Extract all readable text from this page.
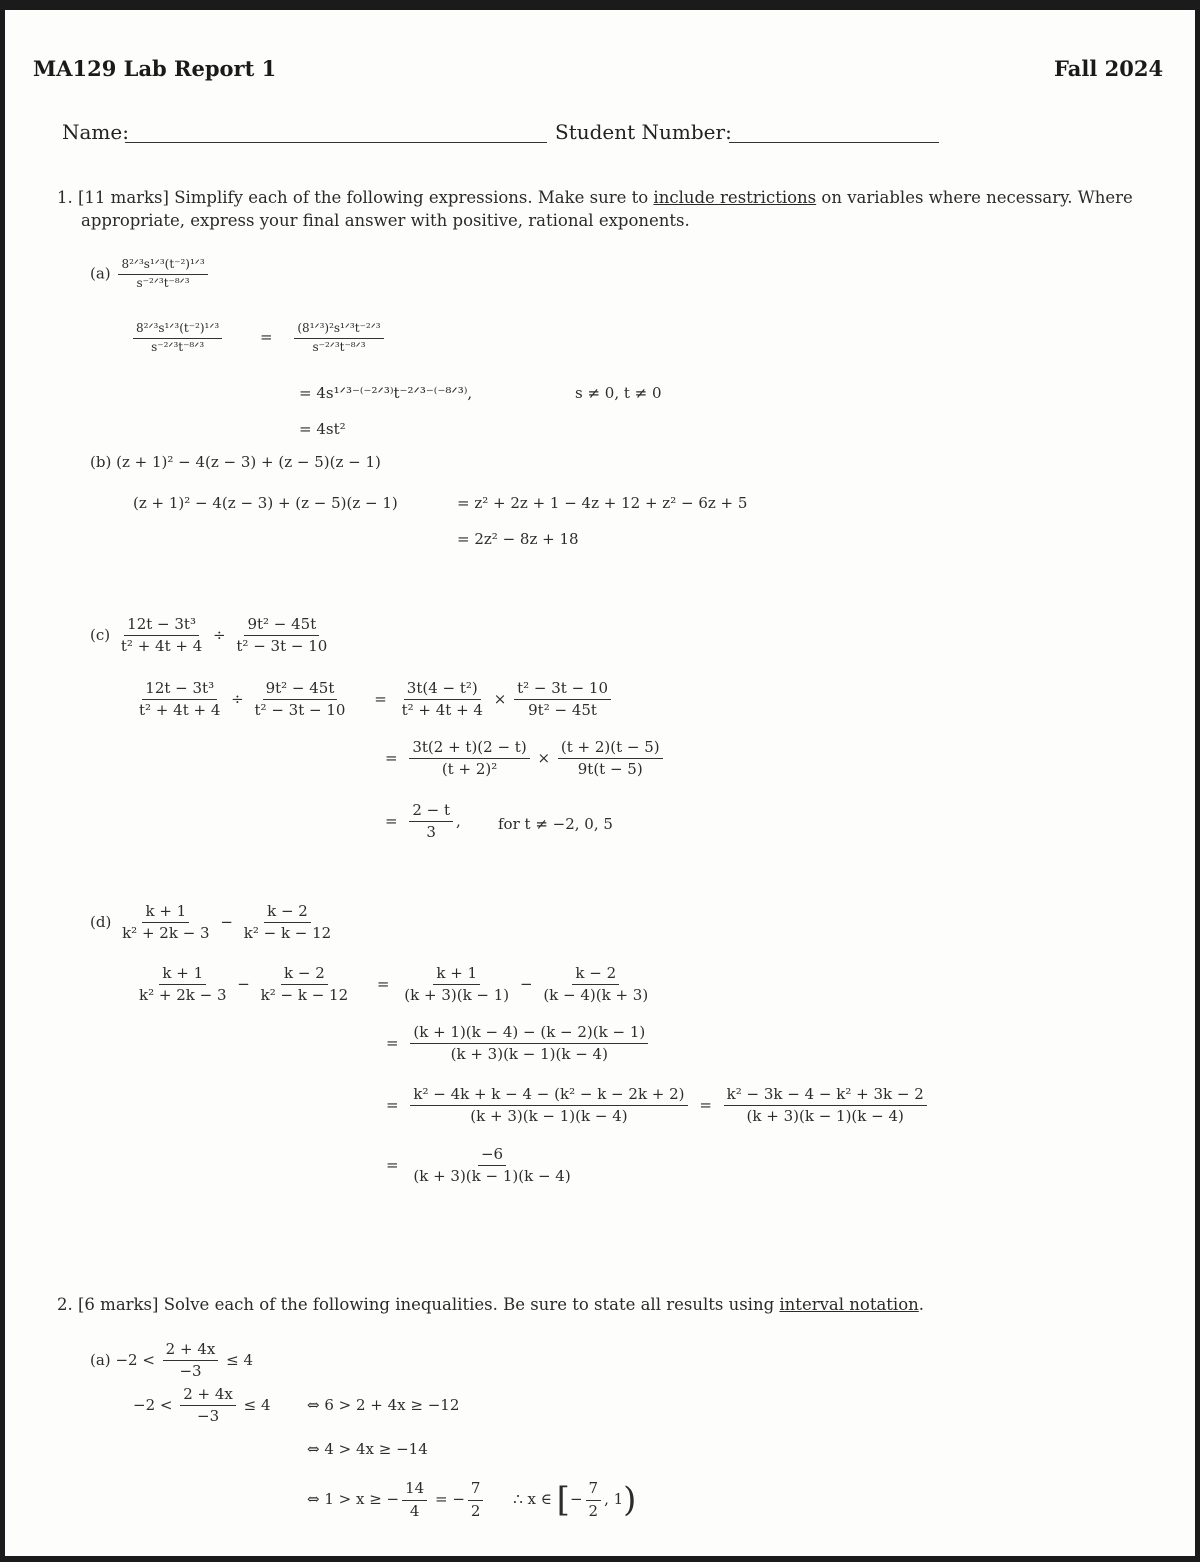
MA129 Lab Report 1	Fall 2024
Name:	Student Number:
1. [11 marks] Simplify each of the following expressions. Make sure to include restrictions on variables where necessary. Where
appropriate, express your final answer with positive, rational exponents.
$(a) \frac{\text{8²ᐟ³s¹ᐟ³(t⁻²)¹ᐟ³}}{\text{s⁻²ᐟ³t⁻⁸ᐟ³}}$
$\frac{\text{8²ᐟ³s¹ᐟ³(t⁻²)¹ᐟ³}}{\text{s⁻²ᐟ³t⁻⁸ᐟ³}}$	= $\frac{\text{(8¹ᐟ³)²s¹ᐟ³t⁻²ᐟ³}}{\text{s⁻²ᐟ³t⁻⁸ᐟ³}}$
= 4s¹ᐟ³⁻⁽⁻²ᐟ³⁾t⁻²ᐟ³⁻⁽⁻⁸ᐟ³⁾,	s ≠ 0, t ≠ 0
= 4st²
(b) (z + 1)² − 4(z − 3) + (z − 5)(z − 1)
(z + 1)² − 4(z − 3) + (z − 5)(z − 1)	= z² + 2z + 1 − 4z + 12 + z² − 6z + 5
= 2z² − 8z + 18
$(c) \frac{\text{12t − 3t³}}{\text{t² + 4t + 4}} \div \frac{\text{9t² − 45t}}{\text{t² − 3t − 10}}$
$\frac{\text{12t − 3t³}}{\text{t² + 4t + 4}} \div \frac{\text{9t² − 45t}}{\text{t² − 3t − 10}} = \frac{\text{3t(4 − t²)}}{\text{t² + 4t + 4}} \times \frac{\text{t² − 3t − 10}}{\text{9t² − 45t}}$
= $\frac{3t(2 + t)(2 - t)}{\text{(t + 2)²}} \times \frac{(t + 2)(t - 5)}{9t(t - 5)}$
= $\frac{2 - t}{3}$ , for t ≠ −2, 0, 5
$(d) \frac{k + 1}{\text{k² + 2k − 3}} - \frac{k - 2}{\text{k² − k − 12}}$
$\frac{k + 1}{\text{k² + 2k − 3}} - \frac{k - 2}{\text{k² − k − 12}} = \frac{k + 1}{(k + 3)(k - 1)} - \frac{k - 2}{(k - 4)(k + 3)}$
= $\frac{(k + 1)(k - 4) - (k - 2)(k - 1)}{(k + 3)(k - 1)(k - 4)}$
= $\frac{\text{k² − 4k + k − 4 − (k² − k − 2k + 2)}}{(k + 3)(k - 1)(k - 4)} = \frac{\text{k² − 3k − 4 − k² + 3k − 2}}{(k + 3)(k - 1)(k - 4)}$
= $\frac{-6}{(k + 3)(k - 1)(k - 4)}$
2. [6 marks] Solve each of the following inequalities. Be sure to state all results using interval notation.
$(a) -2 < \frac{2 + 4x}{-3} \le 4$
$-2 < \frac{2 + 4x}{-3} \le 4$ ⇔ 6 > 2 + 4x ≥ −12
⇔ 4 > 4x ≥ −14
⇔ 1 > x ≥ − $\frac{14}{4}$ = − $\frac{7}{2}$ ∴ x ∈ [− $\frac{7}{2}$ , 1)
